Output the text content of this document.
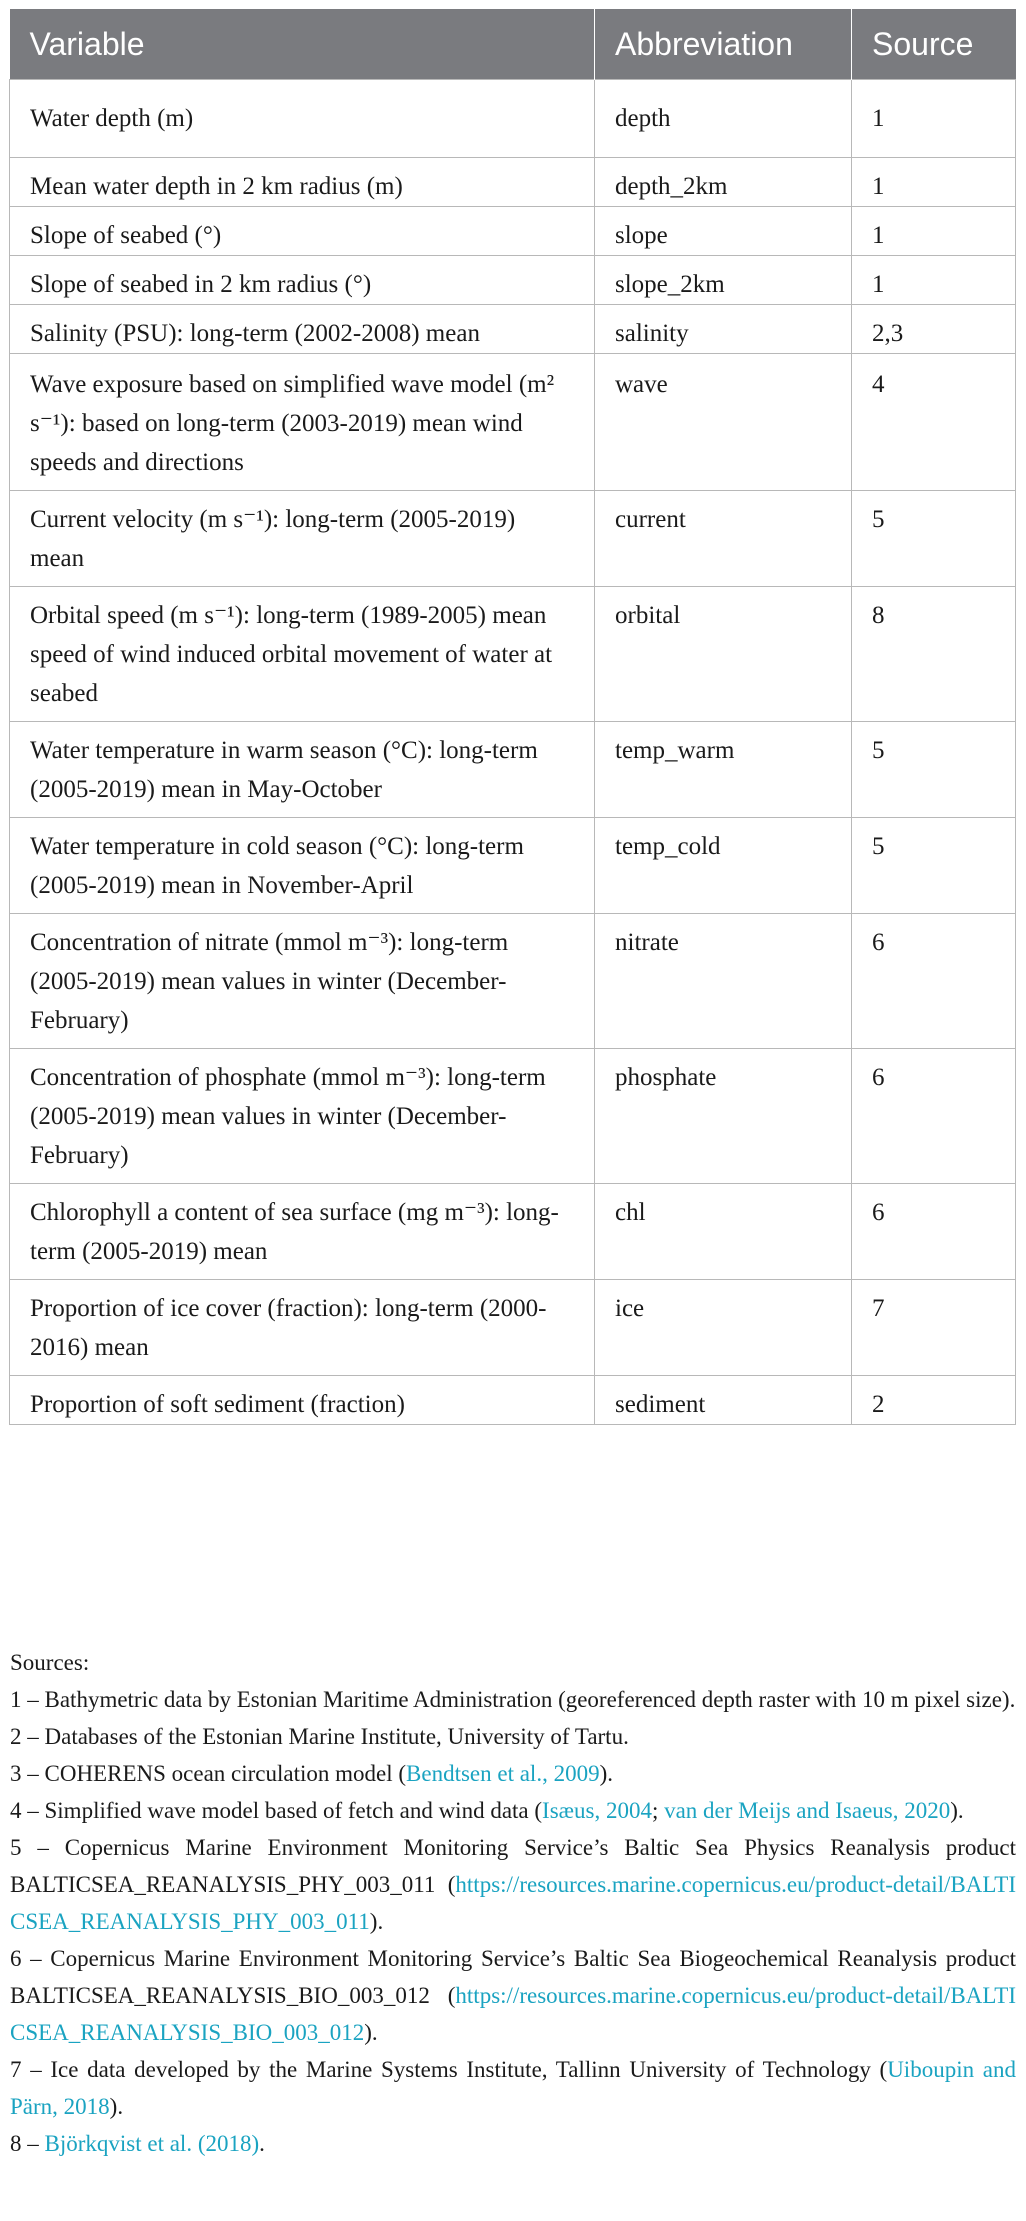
Variable	Abbreviation	Source
Water depth (m)	depth	1
Mean water depth in 2 km radius (m)	depth_2km	1
Slope of seabed (°)	slope	1
Slope of seabed in 2 km radius (°)	slope_2km	1
Salinity (PSU): long-term (2002-2008) mean	salinity	2,3
Wave exposure based on simplified wave model (m² s⁻¹): based on long-term (2003-2019) mean wind speeds and directions	wave	4
Current velocity (m s⁻¹): long-term (2005-2019) mean	current	5
Orbital speed (m s⁻¹): long-term (1989-2005) mean speed of wind induced orbital movement of water at seabed	orbital	8
Water temperature in warm season (°C): long-term (2005-2019) mean in May-October	temp_warm	5
Water temperature in cold season (°C): long-term (2005-2019) mean in November-April	temp_cold	5
Concentration of nitrate (mmol m⁻³): long-term (2005-2019) mean values in winter (December-February)	nitrate	6
Concentration of phosphate (mmol m⁻³): long-term (2005-2019) mean values in winter (December-February)	phosphate	6
Chlorophyll a content of sea surface (mg m⁻³): long-term (2005-2019) mean	chl	6
Proportion of ice cover (fraction): long-term (2000-2016) mean	ice	7
Proportion of soft sediment (fraction)	sediment	2

Sources:

1 – Bathymetric data by Estonian Maritime Administration (georeferenced depth raster with 10 m pixel size).

2 – Databases of the Estonian Marine Institute, University of Tartu.

3 – COHERENS ocean circulation model (Bendtsen et al., 2009).

4 – Simplified wave model based of fetch and wind data (Isæus, 2004; van der Meijs and Isaeus, 2020).

5 – Copernicus Marine Environment Monitoring Service’s Baltic Sea Physics Reanalysis product BALTICSEA_REANALYSIS_PHY_003_011 (https://resources.marine.copernicus.eu/product-detail/BALTICSEA_REANALYSIS_PHY_003_011).

6 – Copernicus Marine Environment Monitoring Service’s Baltic Sea Biogeochemical Reanalysis product BALTICSEA_REANALYSIS_BIO_003_012 (https://resources.marine.copernicus.eu/product-detail/BALTICSEA_REANALYSIS_BIO_003_012).

7 – Ice data developed by the Marine Systems Institute, Tallinn University of Technology (Uiboupin and Pärn, 2018).

8 – Björkqvist et al. (2018).
